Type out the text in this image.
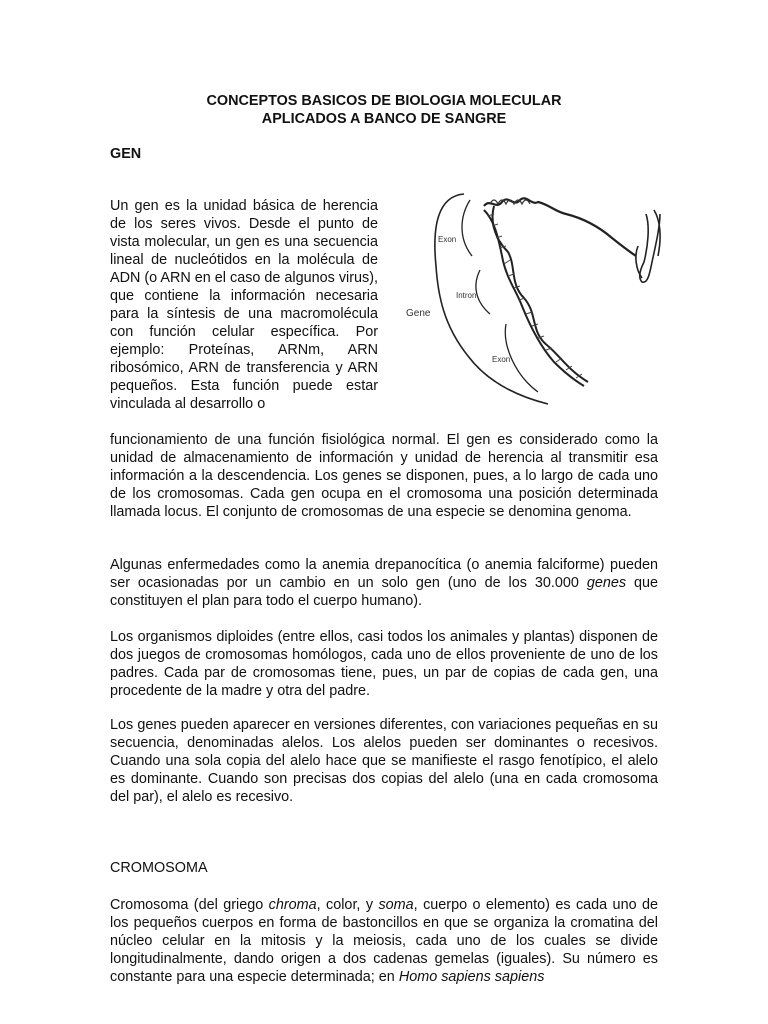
CONCEPTOS BASICOS DE BIOLOGIA MOLECULAR
APLICADOS A BANCO DE SANGRE
GEN

Un gen es la unidad básica de herencia de los seres vivos. Desde el punto de vista molecular, un gen es una secuencia lineal de nucleótidos en la molécula de ADN (o ARN en el caso de algunos virus), que contiene la información necesaria para la síntesis de una macromolécula con función celular específica. Por ejemplo: Proteínas, ARNm, ARN ribosómico, ARN de transferencia y ARN pequeños. Esta función puede estar vinculada al desarrollo o

Exon
Intron
Gene
Exon

funcionamiento de una función fisiológica normal. El gen es considerado como la unidad de almacenamiento de información y unidad de herencia al transmitir esa información a la descendencia. Los genes se disponen, pues, a lo largo de cada uno de los cromosomas. Cada gen ocupa en el cromosoma una posición determinada llamada locus. El conjunto de cromosomas de una especie se denomina genoma.

Algunas enfermedades como la anemia drepanocítica (o anemia falciforme) pueden ser ocasionadas por un cambio en un solo gen (uno de los 30.000 genes que constituyen el plan para todo el cuerpo humano).

Los organismos diploides (entre ellos, casi todos los animales y plantas) disponen de dos juegos de cromosomas homólogos, cada uno de ellos proveniente de uno de los padres. Cada par de cromosomas tiene, pues, un par de copias de cada gen, una procedente de la madre y otra del padre.

Los genes pueden aparecer en versiones diferentes, con variaciones pequeñas en su secuencia, denominadas alelos. Los alelos pueden ser dominantes o recesivos. Cuando una sola copia del alelo hace que se manifieste el rasgo fenotípico, el alelo es dominante. Cuando son precisas dos copias del alelo (una en cada cromosoma del par), el alelo es recesivo.

CROMOSOMA

Cromosoma (del griego chroma, color, y soma, cuerpo o elemento) es cada uno de los pequeños cuerpos en forma de bastoncillos en que se organiza la cromatina del núcleo celular en la mitosis y la meiosis, cada uno de los cuales se divide longitudinalmente, dando origen a dos cadenas gemelas (iguales). Su número es constante para una especie determinada; en Homo sapiens sapiens
